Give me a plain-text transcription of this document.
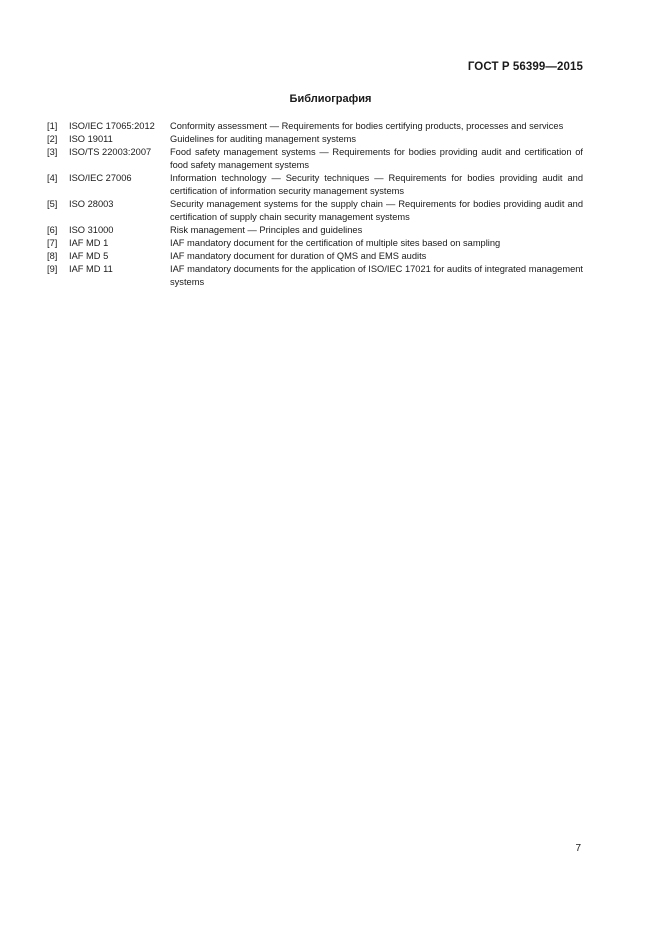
ГОСТ Р 56399—2015
Библиография
[1]	ISO/IEC 17065:2012	Conformity assessment — Requirements for bodies certifying products, processes and services
[2]	ISO 19011	Guidelines for auditing management systems
[3]	ISO/TS 22003:2007	Food safety management systems — Requirements for bodies providing audit and certification of food safety management systems
[4]	ISO/IEC 27006	Information technology — Security techniques — Requirements for bodies providing audit and certification of information security management systems
[5]	ISO 28003	Security management systems for the supply chain — Requirements for bodies providing audit and certification of supply chain security management systems
[6]	ISO 31000	Risk management — Principles and guidelines
[7]	IAF MD 1	IAF mandatory document for the certification of multiple sites based on sampling
[8]	IAF MD 5	IAF mandatory document for duration of QMS and EMS audits
[9]	IAF MD 11	IAF mandatory documents for the application of ISO/IEC 17021 for audits of integrated management systems
7
